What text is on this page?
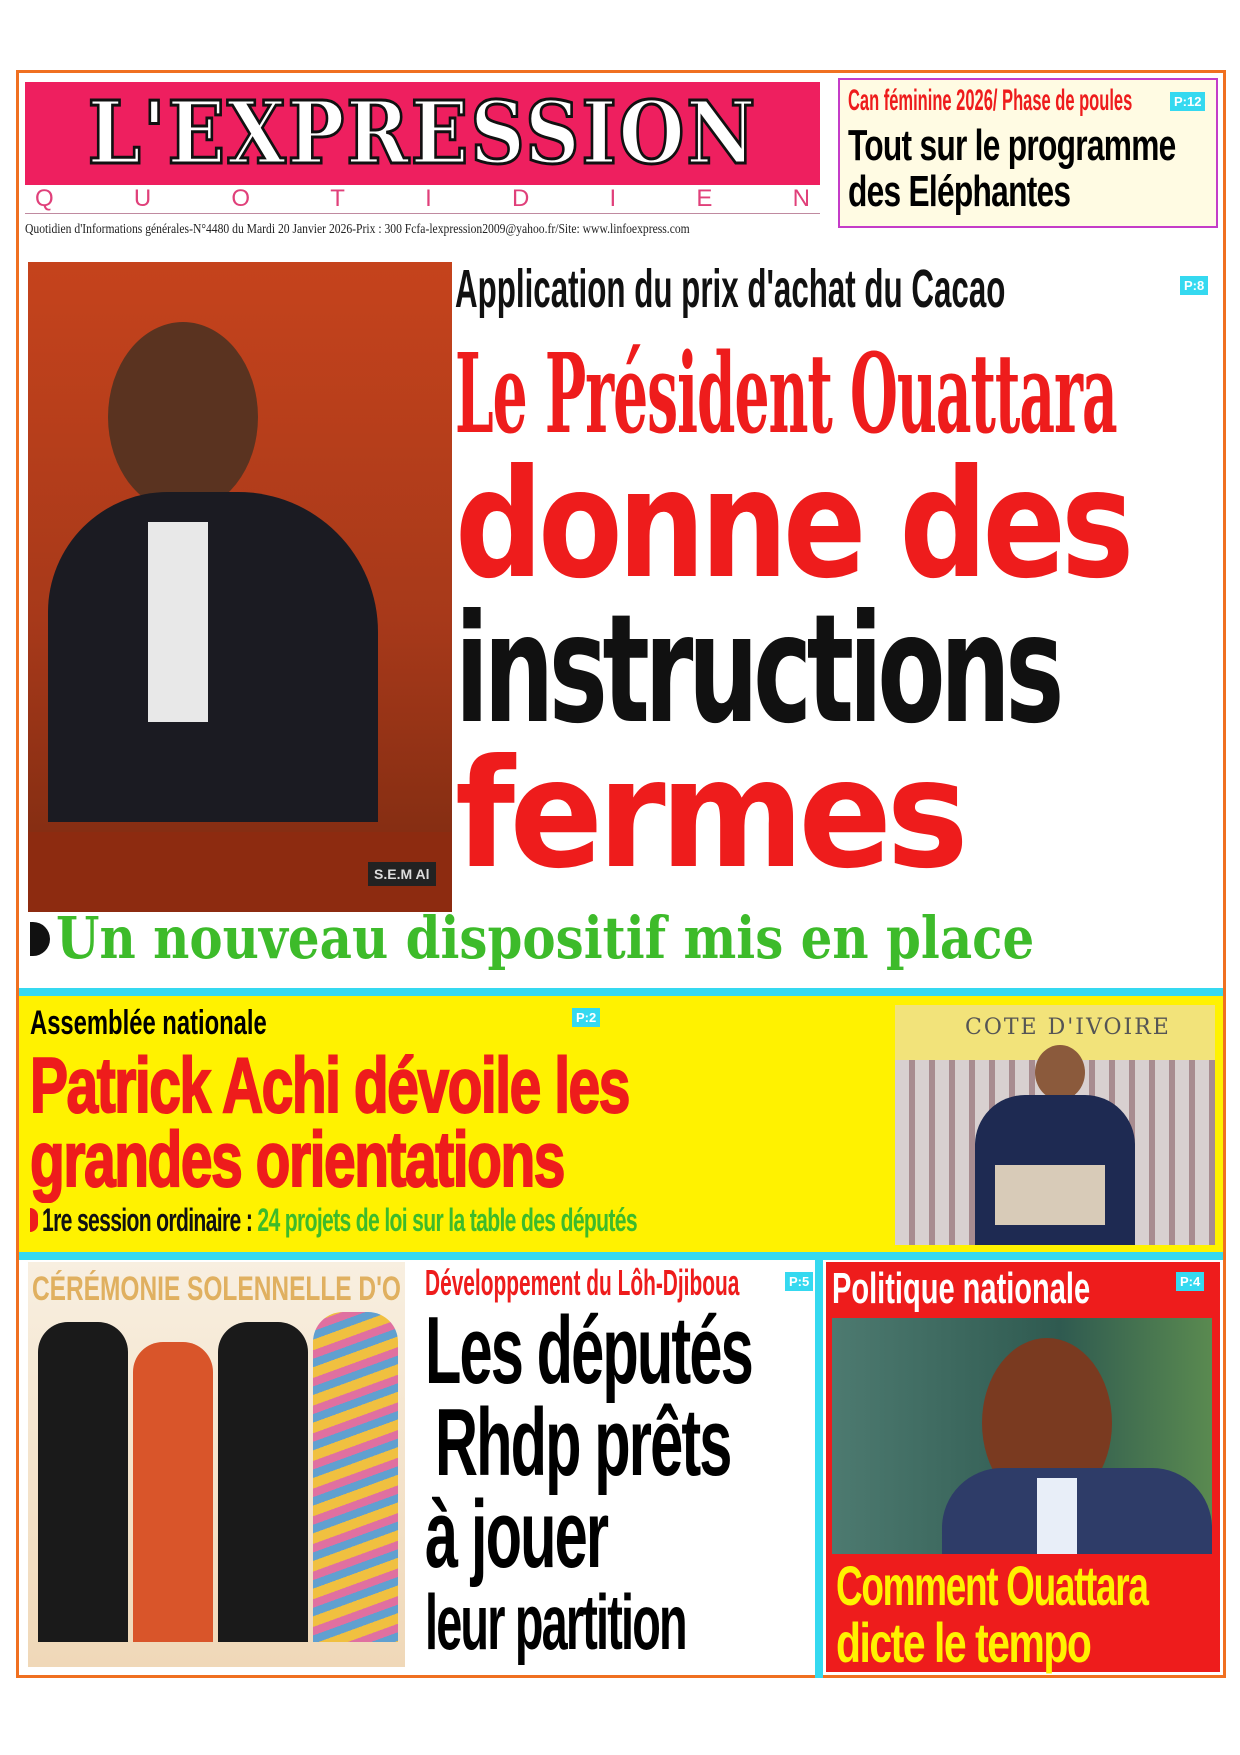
L'EXPRESSION
Q	U	O	T	I	D	I	E	N
Quotidien d'Informations générales-N°4480 du Mardi 20 Janvier 2026-Prix : 300 Fcfa-lexpression2009@yahoo.fr/Site: www.linfoexpress.com
Can féminine 2026/ Phase de poules	P:12
Tout sur le programme
des Eléphantes
S.E.M Al
Application du prix d'achat du Cacao	P:8
Le Président Ouattara
donne des
instructions
fermes
Un nouveau dispositif mis en place
Assemblée nationale	P:2
Patrick Achi dévoile les
grandes orientations
1re session ordinaire : 24 projets de loi sur la table des députés
COTE D'IVOIRE
CÉRÉMONIE SOLENNELLE D'O Développement du Lôh-Djiboua	P:5
Les députés
Rhdp prêts
à jouer
leur partition
Politique nationale	P:4
Comment Ouattara
dicte le tempo
